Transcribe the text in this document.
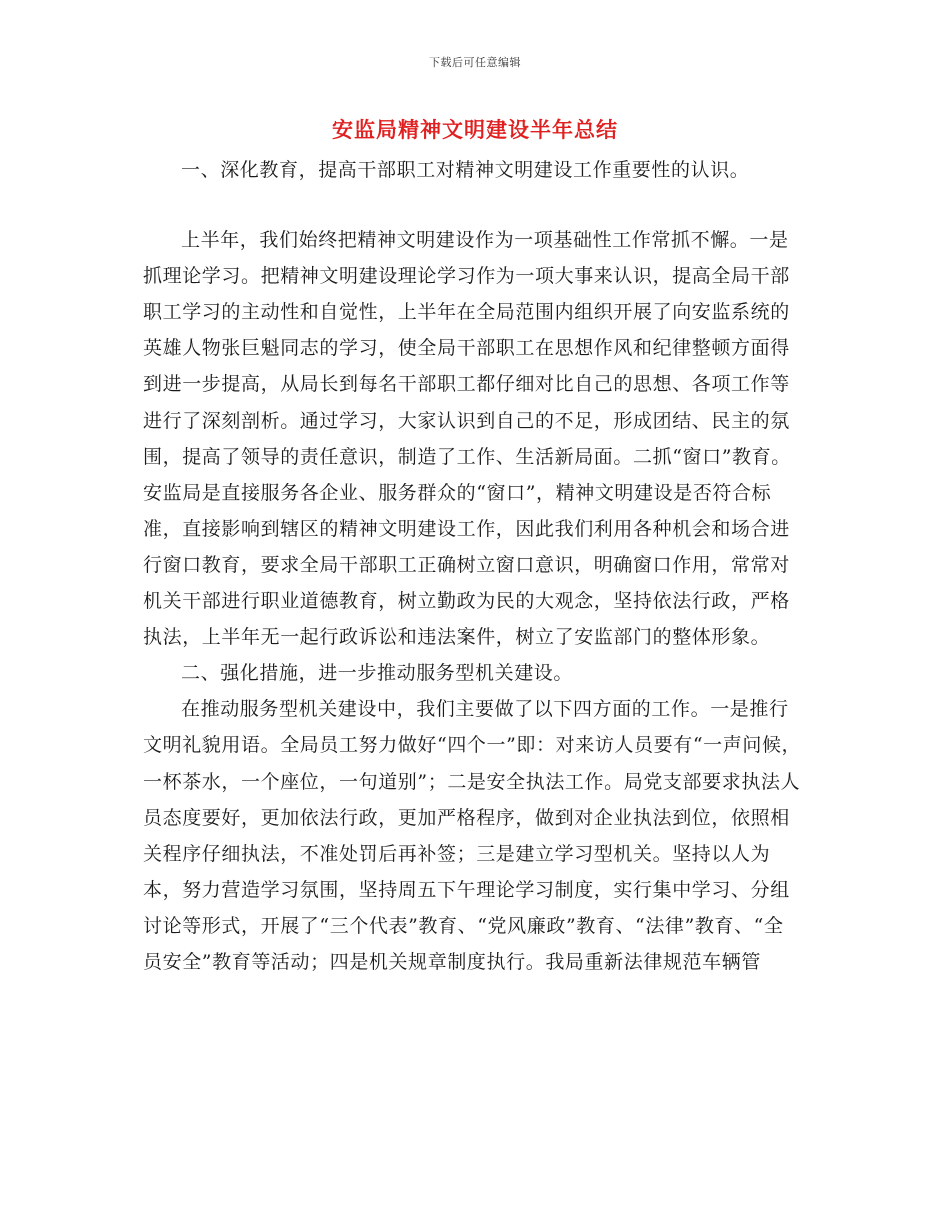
下载后可任意编辑
安监局精神文明建设半年总结

一、深化教育，提高干部职工对精神文明建设工作重要性的认识。

上半年，我们始终把精神文明建设作为一项基础性工作常抓不懈。一是抓理论学习。把精神文明建设理论学习作为一项大事来认识，提高全局干部职工学习的主动性和自觉性，上半年在全局范围内组织开展了向安监系统的英雄人物张巨魁同志的学习，使全局干部职工在思想作风和纪律整顿方面得到进一步提高，从局长到每名干部职工都仔细对比自己的思想、各项工作等进行了深刻剖析。通过学习，大家认识到自己的不足，形成团结、民主的氛围，提高了领导的责任意识，制造了工作、生活新局面。二抓“窗口”教育。安监局是直接服务各企业、服务群众的“窗口”，精神文明建设是否符合标准，直接影响到辖区的精神文明建设工作，因此我们利用各种机会和场合进行窗口教育，要求全局干部职工正确树立窗口意识，明确窗口作用，常常对机关干部进行职业道德教育，树立勤政为民的大观念，坚持依法行政，严格执法，上半年无一起行政诉讼和违法案件，树立了安监部门的整体形象。

二、强化措施，进一步推动服务型机关建设。

在推动服务型机关建设中，我们主要做了以下四方面的工作。一是推行文明礼貌用语。全局员工努力做好“四个一”即：对来访人员要有“一声问候，一杯茶水，一个座位，一句道别”；二是安全执法工作。局党支部要求执法人员态度要好，更加依法行政，更加严格程序，做到对企业执法到位，依照相关程序仔细执法，不准处罚后再补签；三是建立学习型机关。坚持以人为本，努力营造学习氛围，坚持周五下午理论学习制度，实行集中学习、分组讨论等形式，开展了“三个代表”教育、“党风廉政”教育、“法律”教育、“全员安全”教育等活动；四是机关规章制度执行。我局重新法律规范车辆管
